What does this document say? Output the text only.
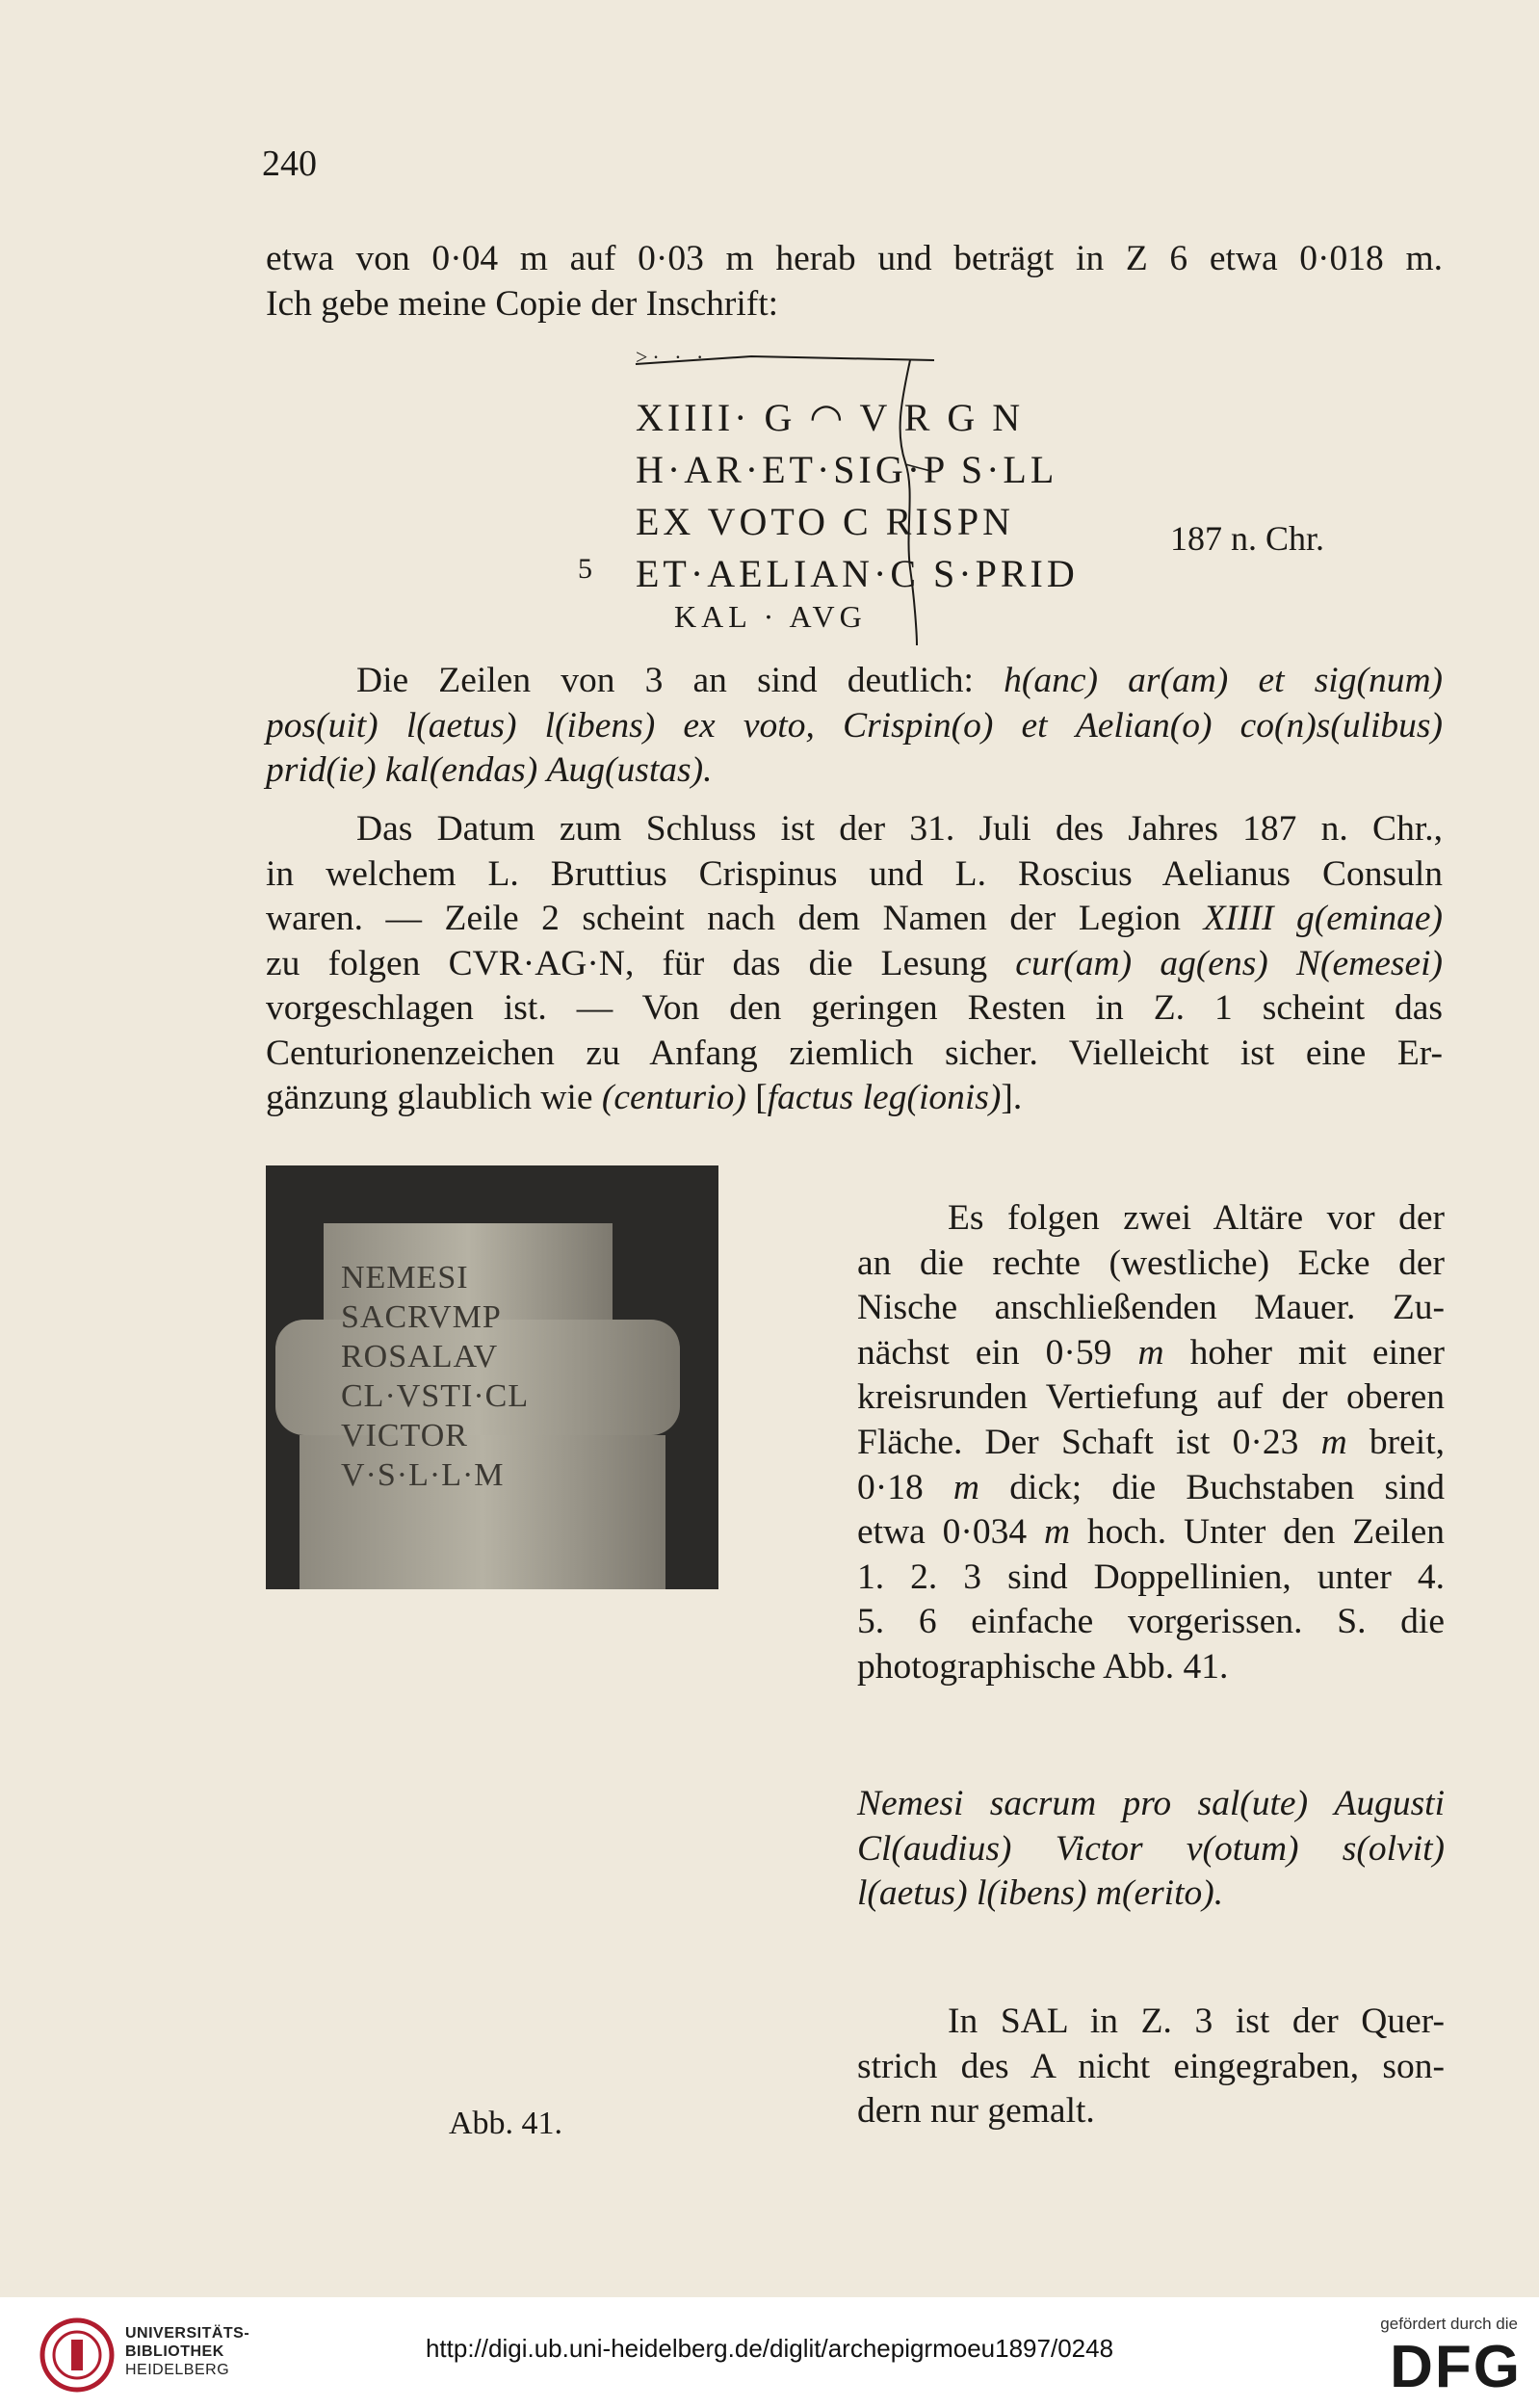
240
etwa von 0·04 m auf 0·03 m herab und beträgt in Z 6 etwa 0·018 m.
Ich gebe meine Copie der Inschrift:
>· · ·
XIIII· G ◠ V R G N
H·AR·ET·SIG·P S·LL
EX VOTO C RISPN
ET·AELIAN·C S·PRID
KAL · AVG
5
187 n. Chr.
Die Zeilen von 3 an sind deutlich: h(anc) ar(am) et sig(num)
pos(uit) l(aetus) l(ibens) ex voto, Crispin(o) et Aelian(o) co(n)s(ulibus)
prid(ie) kal(endas) Aug(ustas).
Das Datum zum Schluss ist der 31. Juli des Jahres 187 n. Chr.,
in welchem L. Bruttius Crispinus und L. Roscius Aelianus Consuln
waren. — Zeile 2 scheint nach dem Namen der Legion XIIII g(eminae)
zu folgen CVR·AG·N, für das die Lesung cur(am) ag(ens) N(emesei)
vorgeschlagen ist. — Von den geringen Resten in Z. 1 scheint das
Centurionenzeichen zu Anfang ziemlich sicher. Vielleicht ist eine Er-
gänzung glaublich wie (centurio) [factus leg(ionis)].
NEMESI
SACRVMP
ROSALAV
CL·VSTI·CL
VICTOR
V·S·L·L·M
Abb. 41.
Es folgen zwei Altäre vor der
an die rechte (westliche) Ecke der
Nische anschließenden Mauer. Zu-
nächst ein 0·59 m hoher mit einer
kreisrunden Vertiefung auf der oberen
Fläche. Der Schaft ist 0·23 m breit,
0·18 m dick; die Buchstaben sind
etwa 0·034 m hoch. Unter den Zeilen
1. 2. 3 sind Doppellinien, unter 4.
5. 6 einfache vorgerissen. S. die
photographische Abb. 41.
Nemesi sacrum pro sal(ute) Augusti
Cl(audius) Victor v(otum) s(olvit)
l(aetus) l(ibens) m(erito).
In SAL in Z. 3 ist der Quer-
strich des A nicht eingegraben, son-
dern nur gemalt.
UNIVERSITÄTS-
BIBLIOTHEK
HEIDELBERG
http://digi.ub.uni-heidelberg.de/diglit/archepigrmoeu1897/0248
gefördert durch die
DFG
